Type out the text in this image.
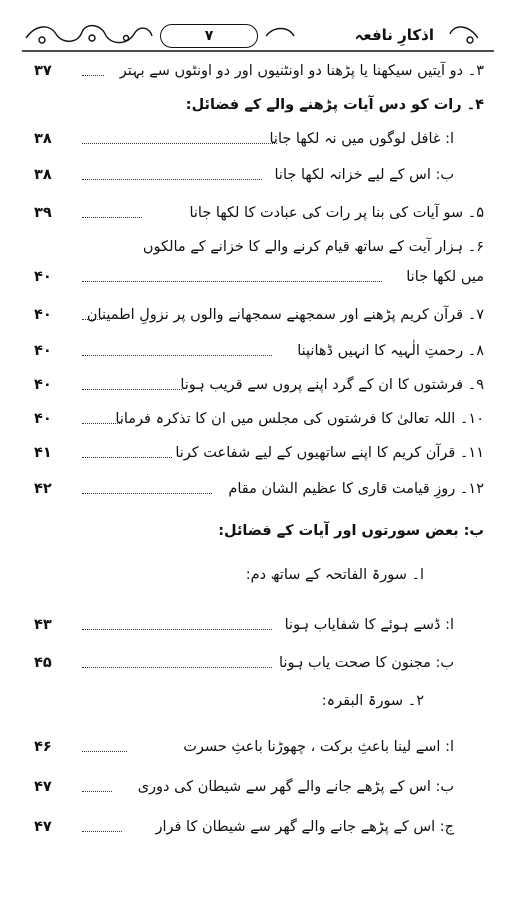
۷	اذکارِ نافعہ
۳۔ دو آیتیں سیکھنا یا پڑھنا دو اونٹنیوں اور دو اونٹوں سے بہتر
۳۷
۴۔ رات کو دس آیات پڑھنے والے کے فضائل:
ا: غافل لوگوں میں نہ لکھا جانا
۳۸
ب: اس کے لیے خزانہ لکھا جانا
۳۸
۵۔ سو آیات کی بنا پر رات کی عبادت کا لکھا جانا
۳۹
۶۔ ہزار آیت کے ساتھ قیام کرنے والے کا خزانے کے مالکوں
میں لکھا جانا
۴۰
۷۔ قرآن کریم پڑھنے اور سمجھنے سمجھانے والوں پر نزولِ اطمینان
۴۰
۸۔ رحمتِ الٰہیہ کا انہیں ڈھانپنا
۴۰
۹۔ فرشتوں کا ان کے گرد اپنے پروں سے قریب ہونا
۴۰
۱۰۔ اللہ تعالیٰ کا فرشتوں کی مجلس میں ان کا تذکرہ فرمانا
۴۰
۱۱۔ قرآن کریم کا اپنے ساتھیوں کے لیے شفاعت کرنا
۴۱
۱۲۔ روزِ قیامت قاری کا عظیم الشان مقام
۴۲
ب: بعض سورتوں اور آیات کے فضائل:
ا۔ سورۃ الفاتحہ کے ساتھ دم:
ا: ڈسے ہوئے کا شفایاب ہونا
۴۳
ب: مجنون کا صحت یاب ہونا
۴۵
۲۔ سورۃ البقرہ:
ا: اسے لینا باعثِ برکت ، چھوڑنا باعثِ حسرت
۴۶
ب: اس کے پڑھے جانے والے گھر سے شیطان کی دوری
۴۷
ج: اس کے پڑھے جانے والے گھر سے شیطان کا فرار
۴۷
